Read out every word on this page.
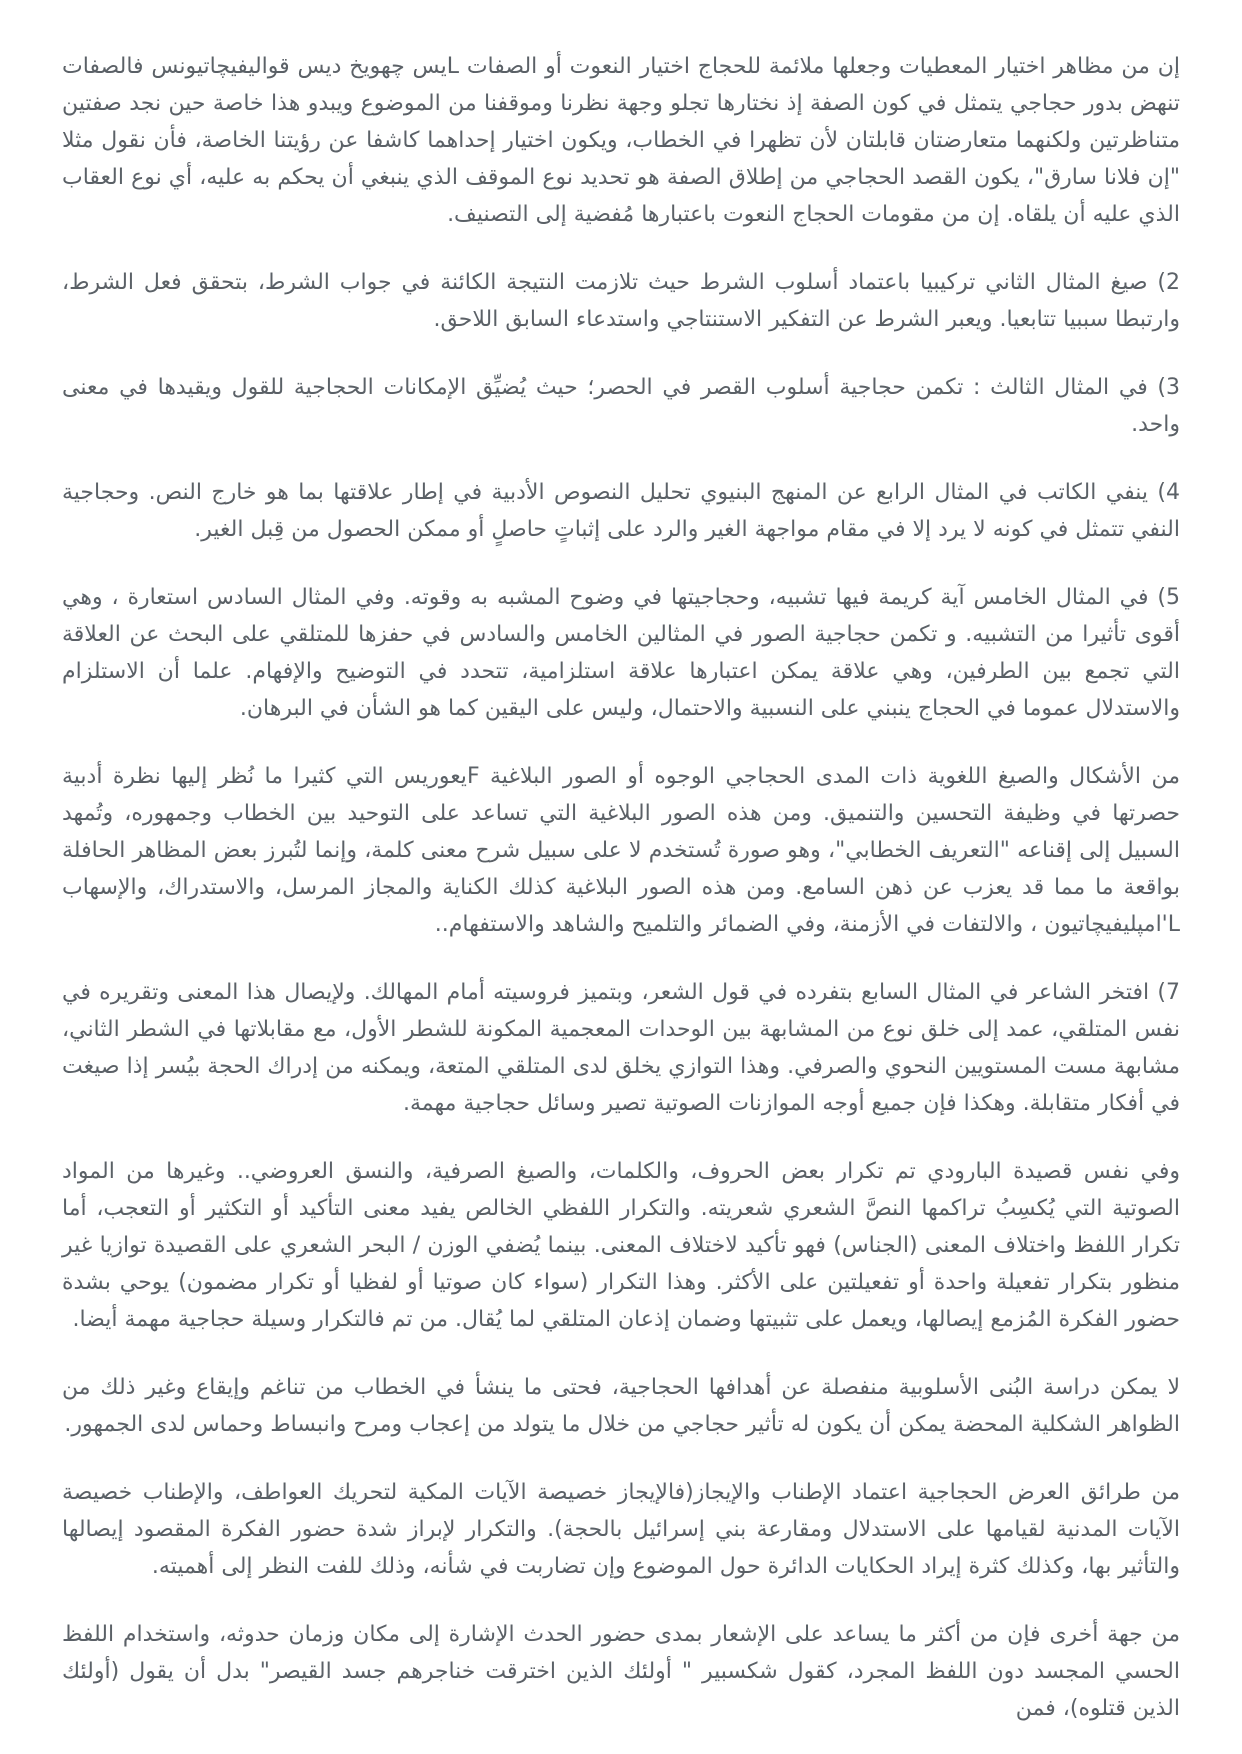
إن من مظاهر اختيار المعطيات وجعلها ملائمة للحجاج اختيار النعوت أو الصفات Lيس چهويخ ديس قواليفيچاتيونس فالصفات تنهض بدور حجاجي يتمثل في كون الصفة إذ نختارها تجلو وجهة نظرنا وموقفنا من الموضوع ويبدو هذا خاصة حين نجد صفتين متناظرتين ولكنهما متعارضتان قابلتان لأن تظهرا في الخطاب، ويكون اختيار إحداهما كاشفا عن رؤيتنا الخاصة، فأن نقول مثلا "إن فلانا سارق"، يكون القصد الحجاجي من إطلاق الصفة هو تحديد نوع الموقف الذي ينبغي أن يحكم به عليه، أي نوع العقاب الذي عليه أن يلقاه. إن من مقومات الحجاج النعوت باعتبارها مُفضية إلى التصنيف.

2) صيغ المثال الثاني تركيبيا باعتماد أسلوب الشرط حيث تلازمت النتيجة الكائنة في جواب الشرط، بتحقق فعل الشرط، وارتبطا سببيا تتابعيا. ويعبر الشرط عن التفكير الاستنتاجي واستدعاء السابق اللاحق.

3) في المثال الثالث : تكمن حجاجية أسلوب القصر في الحصر؛ حيث يُضيِّق الإمكانات الحجاجية للقول ويقيدها في معنى واحد.

4) ينفي الكاتب في المثال الرابع عن المنهج البنيوي تحليل النصوص الأدبية في إطار علاقتها بما هو خارج النص. وحجاجية النفي تتمثل في كونه لا يرد إلا في مقام مواجهة الغير والرد على إثباتٍ حاصلٍ أو ممكن الحصول من قِبل الغير.

5) في المثال الخامس آية كريمة فيها تشبيه، وحجاجيتها في وضوح المشبه به وقوته. وفي المثال السادس استعارة ، وهي أقوى تأثيرا من التشبيه. و تكمن حجاجية الصور في المثالين الخامس والسادس في حفزها للمتلقي على البحث عن العلاقة التي تجمع بين الطرفين، وهي علاقة يمكن اعتبارها علاقة استلزامية، تتحدد في التوضيح والإفهام. علما أن الاستلزام والاستدلال عموما في الحجاج ينبني على النسبية والاحتمال، وليس على اليقين كما هو الشأن في البرهان.

من الأشكال والصيغ اللغوية ذات المدى الحجاجي الوجوه أو الصور البلاغية Fيعوريس التي كثيرا ما نُظر إليها نظرة أدبية حصرتها في وظيفة التحسين والتنميق. ومن هذه الصور البلاغية التي تساعد على التوحيد بين الخطاب وجمهوره، وتُمهد السبيل إلى إقناعه "التعريف الخطابي"، وهو صورة تُستخدم لا على سبيل شرح معنى كلمة، وإنما لتُبرز بعض المظاهر الحافلة بواقعة ما مما قد يعزب عن ذهن السامع. ومن هذه الصور البلاغية كذلك الكناية والمجاز المرسل، والاستدراك، والإسهاب L'امپليفيچاتيون ، والالتفات في الأزمنة، وفي الضمائر والتلميح والشاهد والاستفهام..

7) افتخر الشاعر في المثال السابع بتفرده في قول الشعر، وبتميز فروسيته أمام المهالك. ولإيصال هذا المعنى وتقريره في نفس المتلقي، عمد إلى خلق نوع من المشابهة بين الوحدات المعجمية المكونة للشطر الأول، مع مقابلاتها في الشطر الثاني، مشابهة مست المستويين النحوي والصرفي. وهذا التوازي يخلق لدى المتلقي المتعة، ويمكنه من إدراك الحجة بيُسر إذا صيغت في أفكار متقابلة. وهكذا فإن جميع أوجه الموازنات الصوتية تصير وسائل حجاجية مهمة.

وفي نفس قصيدة البارودي تم تكرار بعض الحروف، والكلمات، والصيغ الصرفية، والنسق العروضي.. وغيرها من المواد الصوتية التي يُكسِبُ تراكمها النصَّ الشعري شعريته. والتكرار اللفظي الخالص يفيد معنى التأكيد أو التكثير أو التعجب، أما تكرار اللفظ واختلاف المعنى (الجناس) فهو تأكيد لاختلاف المعنى. بينما يُضفي الوزن / البحر الشعري على القصيدة توازيا غير منظور بتكرار تفعيلة واحدة أو تفعيلتين على الأكثر. وهذا التكرار (سواء كان صوتيا أو لفظيا أو تكرار مضمون) يوحي بشدة حضور الفكرة المُزمع إيصالها، ويعمل على تثبيتها وضمان إذعان المتلقي لما يُقال. من تم فالتكرار وسيلة حجاجية مهمة أيضا.

لا يمكن دراسة البُنى الأسلوبية منفصلة عن أهدافها الحجاجية، فحتى ما ينشأ في الخطاب من تناغم وإيقاع وغير ذلك من الظواهر الشكلية المحضة يمكن أن يكون له تأثير حجاجي من خلال ما يتولد من إعجاب ومرح وانبساط وحماس لدى الجمهور.

من طرائق العرض الحجاجية اعتماد الإطناب والإيجاز(فالإيجاز خصيصة الآيات المكية لتحريك العواطف، والإطناب خصيصة الآيات المدنية لقيامها على الاستدلال ومقارعة بني إسرائيل بالحجة). والتكرار لإبراز شدة حضور الفكرة المقصود إيصالها والتأثير بها، وكذلك كثرة إيراد الحكايات الدائرة حول الموضوع وإن تضاربت في شأنه، وذلك للفت النظر إلى أهميته.

من جهة أخرى فإن من أكثر ما يساعد على الإشعار بمدى حضور الحدث الإشارة إلى مكان وزمان حدوثه، واستخدام اللفظ الحسي المجسد دون اللفظ المجرد، كقول شكسبير " أولئك الذين اخترقت خناجرهم جسد القيصر" بدل أن يقول (أولئك الذين قتلوه)، فمن
